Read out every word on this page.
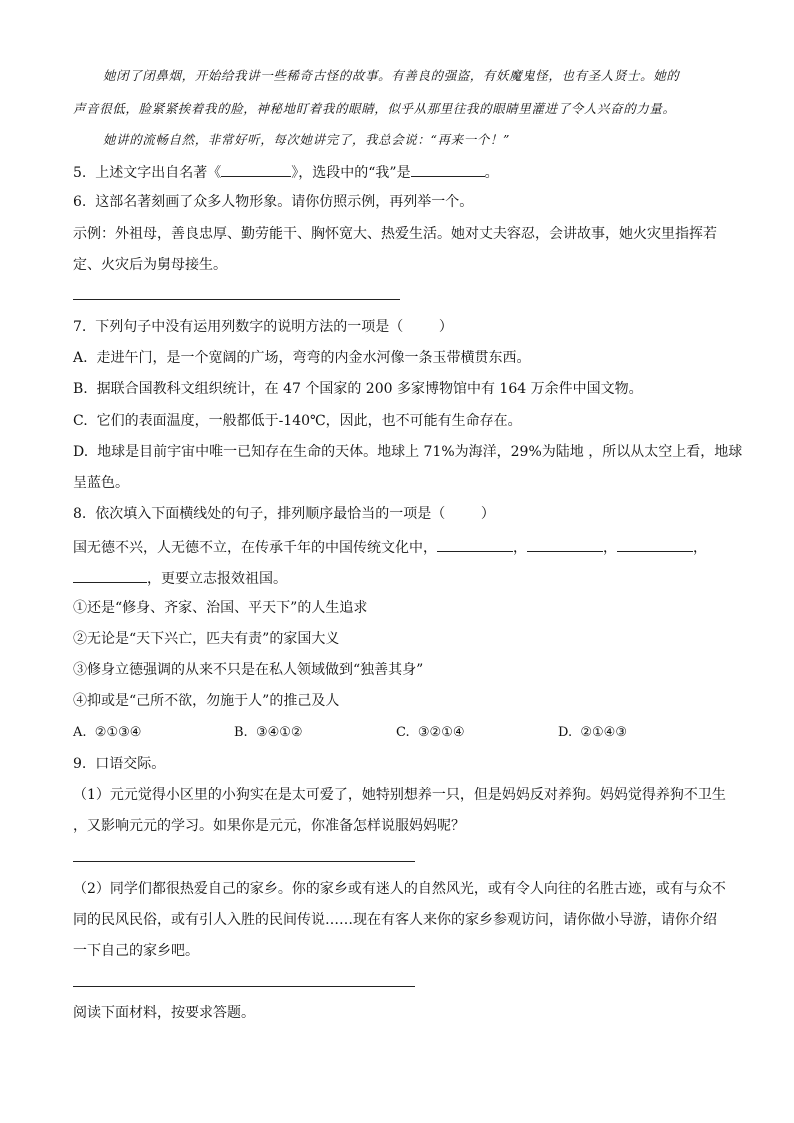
她闭了闭鼻烟，开始给我讲一些稀奇古怪的故事。有善良的强盗，有妖魔鬼怪，也有圣人贤士。她的
声音很低，脸紧紧挨着我的脸，神秘地盯着我的眼睛，似乎从那里往我的眼睛里灌进了令人兴奋的力量。
她讲的流畅自然，非常好听，每次她讲完了，我总会说：“再来一个！”
5.  上述文字出自名著《	》，选段中的“我”是	。
6.  这部名著刻画了众多人物形象。请你仿照示例，再列举一个。
示例：外祖母，善良忠厚、勤劳能干、胸怀宽大、热爱生活。她对丈夫容忍，会讲故事，她火灾里指挥若
定、火灾后为舅母接生。
7.  下列句子中没有运用列数字的说明方法的一项是（        ）
A.  走进午门，是一个宽阔的广场，弯弯的内金水河像一条玉带横贯东西。
B.  据联合国教科文组织统计，在 47 个国家的 200 多家博物馆中有 164 万余件中国文物。
C.  它们的表面温度，一般都低于-140℃，因此，也不可能有生命存在。
D.  地球是目前宇宙中唯一已知存在生命的天体。地球上 71%为海洋，29%为陆地 ，所以从太空上看，地球
呈蓝色。
8.  依次填入下面横线处的句子，排列顺序最恰当的一项是（        ）
国无德不兴，人无德不立，在传承千年的中国传统文化中，	，	，	，
，更要立志报效祖国。
①还是“修身、齐家、治国、平天下”的人生追求
②无论是“天下兴亡，匹夫有责”的家国大义
③修身立德强调的从来不只是在私人领域做到“独善其身”
④抑或是“己所不欲，勿施于人”的推己及人
A.  ②①③④	B.  ③④①②	C.  ③②①④	D.  ②①④③
9.  口语交际。
（1）元元觉得小区里的小狗实在是太可爱了，她特别想养一只，但是妈妈反对养狗。妈妈觉得养狗不卫生
，又影响元元的学习。如果你是元元，你准备怎样说服妈妈呢？
（2）同学们都很热爱自己的家乡。你的家乡或有迷人的自然风光，或有令人向往的名胜古迹，或有与众不
同的民风民俗，或有引人入胜的民间传说……现在有客人来你的家乡参观访问，请你做小导游，请你介绍
一下自己的家乡吧。
阅读下面材料，按要求答题。
